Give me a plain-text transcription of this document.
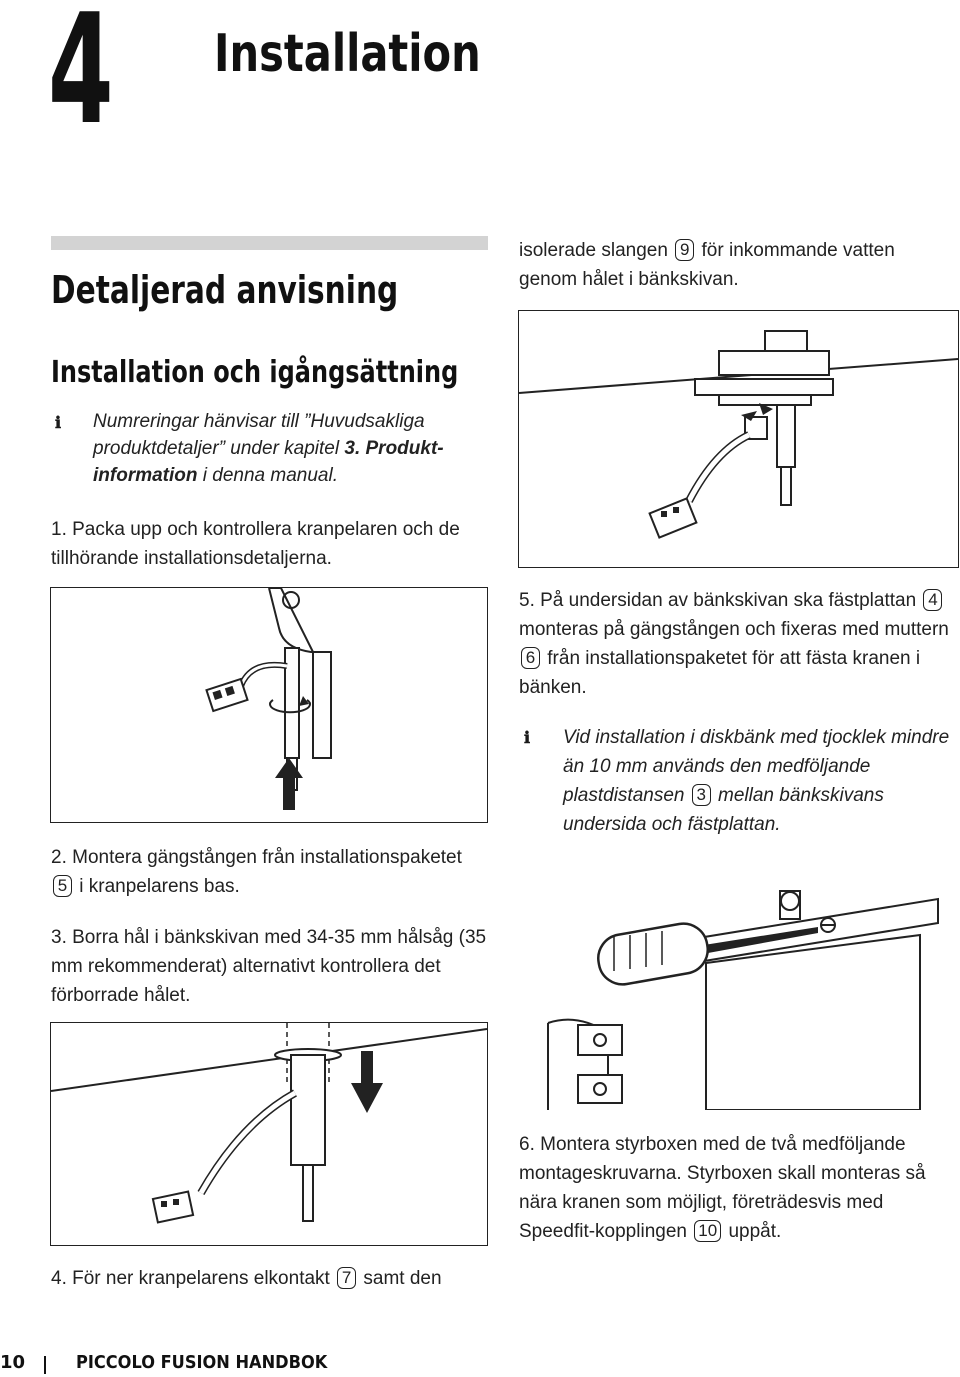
4 Installation
Detaljerad anvisning
Installation och igångsättning
ℹ Numreringar hänvisar till ”Huvudsakliga produktdetaljer” under kapitel 3. Produkt-information i denna manual.
1. Packa upp och kontrollera kranpelaren och de tillhörande installationsdetaljerna.
2. Montera gängstången från installationspaketet
5 i kranpelarens bas.
3. Borra hål i bänkskivan med 34-35 mm hålsåg (35 mm rekommenderat) alternativt kontrollera det förborrade hålet.
4. För ner kranpelarens elkontakt 7 samt den
isolerade slangen 9 för inkommande vatten genom hålet i bänkskivan.
5. På undersidan av bänkskivan ska fästplattan 4 monteras på gängstången och fixeras med muttern 6 från installationspaketet för att fästa kranen i bänken.
ℹ Vid installation i diskbänk med tjocklek mindre än 10 mm används den medföljande plastdistansen 3 mellan bänkskivans undersida och fästplattan.
6. Montera styrboxen med de två medföljande montageskruvarna. Styrboxen skall monteras så nära kranen som möjligt, företrädesvis med Speedfit-kopplingen 10 uppåt.
10	PICCOLO FUSION HANDBOK
